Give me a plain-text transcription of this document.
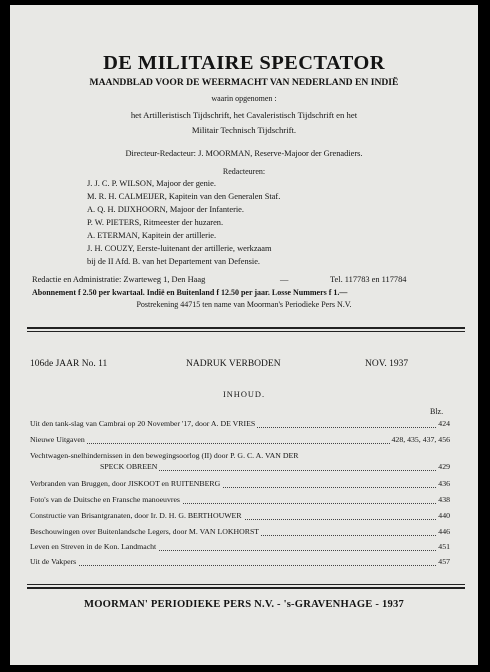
DE MILITAIRE SPECTATOR
MAANDBLAD VOOR DE WEERMACHT VAN NEDERLAND EN INDIË
waarin opgenomen :
het Artilleristisch Tijdschrift, het Cavaleristisch Tijdschrift en het
Militair Technisch Tijdschrift.
Directeur-Redacteur: J. MOORMAN, Reserve-Majoor der Grenadiers.
Redacteuren:
J. J. C. P. WILSON, Majoor der genie.
M. R. H. CALMEIJER, Kapitein van den Generalen Staf.
A. Q. H. DIJXHOORN, Majoor der Infanterie.
P. W. PIETERS, Ritmeester der huzaren.
A. ETERMAN, Kapitein der artillerie.
J. H. COUZY, Eerste-luitenant der artillerie, werkzaam
bij de II Afd. B. van het Departement van Defensie.
Redactie en Administratie: Zwarteweg 1, Den Haag	—	Tel. 117783 en 117784
Abonnement f 2.50 per kwartaal. Indië en Buitenland f 12.50 per jaar. Losse Nummers f 1.—
Postrekening 44715 ten name van Moorman's Periodieke Pers N.V.
106de JAAR No. 11	NADRUK VERBODEN	NOV. 1937
INHOUD.
Blz.
Uit den tank-slag van Cambrai op 20 November '17, door A. DE VRIES	424
Nieuwe Uitgaven	428, 435, 437, 456
Vechtwagen-snelhindernissen in den bewegingsoorlog (II) door P. G. C. A. VAN DER
SPECK OBREEN	429
Verbranden van Bruggen, door JISKOOT en RUITENBERG	436
Foto's van de Duitsche en Fransche manoeuvres	438
Constructie van Brisantgranaten, door Ir. D. H. G. BERTHOUWER	440
Beschouwingen over Buitenlandsche Legers, door M. VAN LOKHORST	446
Leven en Streven in de Kon. Landmacht	451
Uit de Vakpers	457
MOORMAN' PERIODIEKE PERS N.V. - 's-GRAVENHAGE - 1937
